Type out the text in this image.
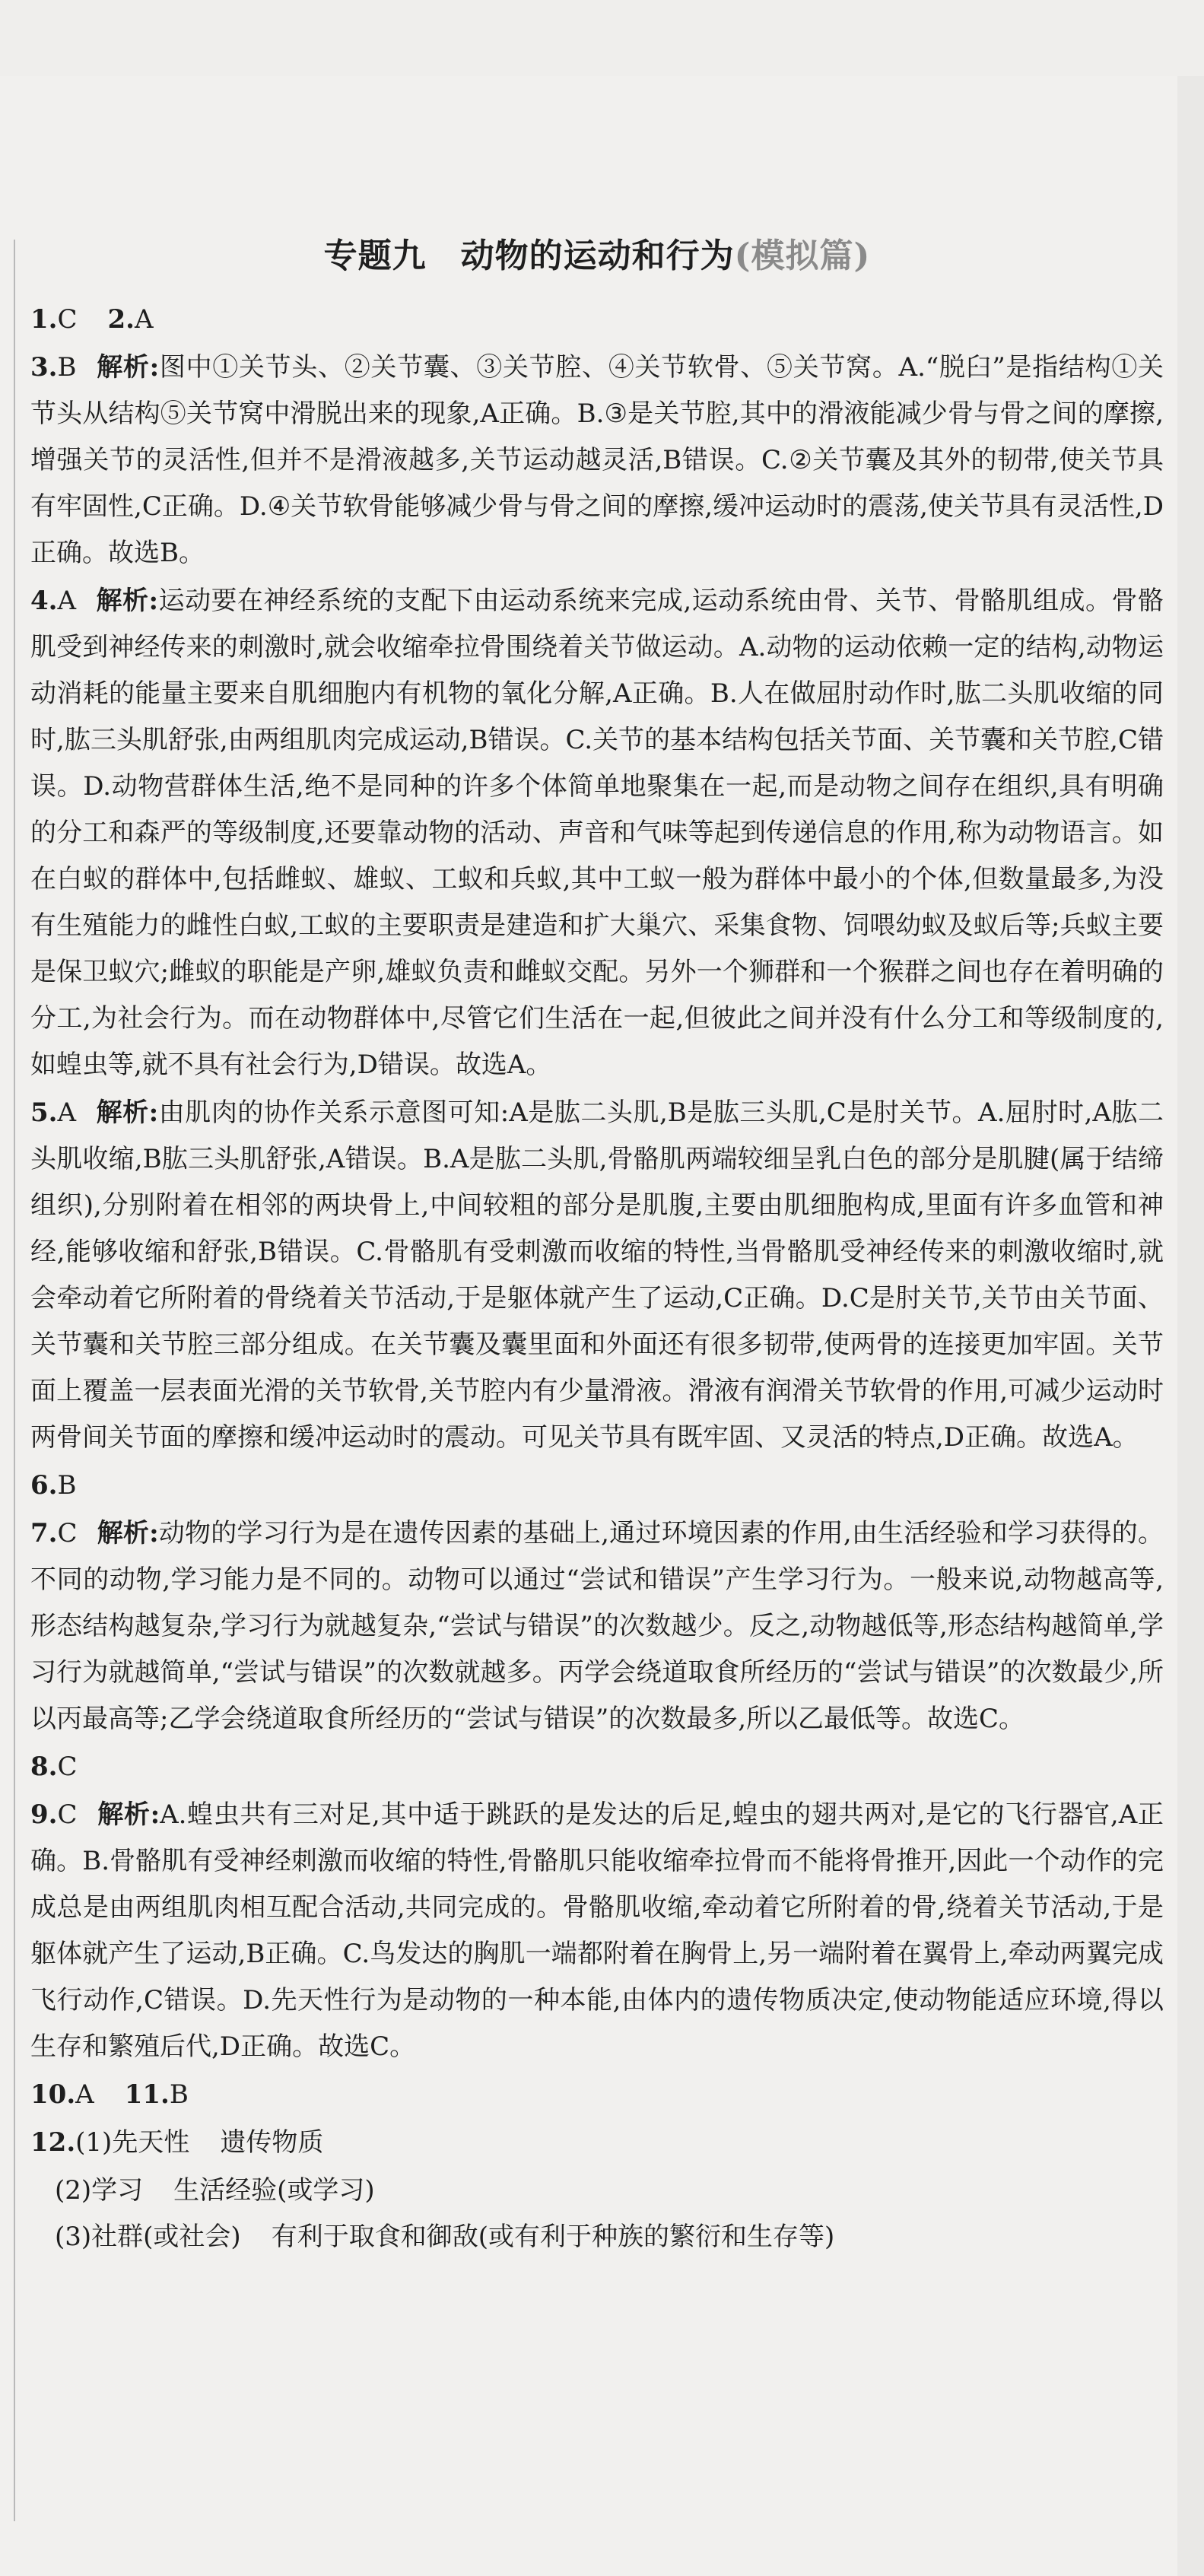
专题九　动物的运动和行为(模拟篇)
1.C 2.A
3.B 解析:图中①关节头、②关节囊、③关节腔、④关节软骨、⑤关节窝。A.“脱臼”是指结构①关节头从结构⑤关节窝中滑脱出来的现象,A正确。B.③是关节腔,其中的滑液能减少骨与骨之间的摩擦,增强关节的灵活性,但并不是滑液越多,关节运动越灵活,B错误。C.②关节囊及其外的韧带,使关节具有牢固性,C正确。D.④关节软骨能够减少骨与骨之间的摩擦,缓冲运动时的震荡,使关节具有灵活性,D正确。故选B。
4.A 解析:运动要在神经系统的支配下由运动系统来完成,运动系统由骨、关节、骨骼肌组成。骨骼肌受到神经传来的刺激时,就会收缩牵拉骨围绕着关节做运动。A.动物的运动依赖一定的结构,动物运动消耗的能量主要来自肌细胞内有机物的氧化分解,A正确。B.人在做屈肘动作时,肱二头肌收缩的同时,肱三头肌舒张,由两组肌肉完成运动,B错误。C.关节的基本结构包括关节面、关节囊和关节腔,C错误。D.动物营群体生活,绝不是同种的许多个体简单地聚集在一起,而是动物之间存在组织,具有明确的分工和森严的等级制度,还要靠动物的活动、声音和气味等起到传递信息的作用,称为动物语言。如在白蚁的群体中,包括雌蚁、雄蚁、工蚁和兵蚁,其中工蚁一般为群体中最小的个体,但数量最多,为没有生殖能力的雌性白蚁,工蚁的主要职责是建造和扩大巢穴、采集食物、饲喂幼蚁及蚁后等;兵蚁主要是保卫蚁穴;雌蚁的职能是产卵,雄蚁负责和雌蚁交配。另外一个狮群和一个猴群之间也存在着明确的分工,为社会行为。而在动物群体中,尽管它们生活在一起,但彼此之间并没有什么分工和等级制度的,如蝗虫等,就不具有社会行为,D错误。故选A。
5.A 解析:由肌肉的协作关系示意图可知:A是肱二头肌,B是肱三头肌,C是肘关节。A.屈肘时,A肱二头肌收缩,B肱三头肌舒张,A错误。B.A是肱二头肌,骨骼肌两端较细呈乳白色的部分是肌腱(属于结缔组织),分别附着在相邻的两块骨上,中间较粗的部分是肌腹,主要由肌细胞构成,里面有许多血管和神经,能够收缩和舒张,B错误。C.骨骼肌有受刺激而收缩的特性,当骨骼肌受神经传来的刺激收缩时,就会牵动着它所附着的骨绕着关节活动,于是躯体就产生了运动,C正确。D.C是肘关节,关节由关节面、关节囊和关节腔三部分组成。在关节囊及囊里面和外面还有很多韧带,使两骨的连接更加牢固。关节面上覆盖一层表面光滑的关节软骨,关节腔内有少量滑液。滑液有润滑关节软骨的作用,可减少运动时两骨间关节面的摩擦和缓冲运动时的震动。可见关节具有既牢固、又灵活的特点,D正确。故选A。
6.B
7.C 解析:动物的学习行为是在遗传因素的基础上,通过环境因素的作用,由生活经验和学习获得的。不同的动物,学习能力是不同的。动物可以通过“尝试和错误”产生学习行为。一般来说,动物越高等,形态结构越复杂,学习行为就越复杂,“尝试与错误”的次数越少。反之,动物越低等,形态结构越简单,学习行为就越简单,“尝试与错误”的次数就越多。丙学会绕道取食所经历的“尝试与错误”的次数最少,所以丙最高等;乙学会绕道取食所经历的“尝试与错误”的次数最多,所以乙最低等。故选C。
8.C
9.C 解析:A.蝗虫共有三对足,其中适于跳跃的是发达的后足,蝗虫的翅共两对,是它的飞行器官,A正确。B.骨骼肌有受神经刺激而收缩的特性,骨骼肌只能收缩牵拉骨而不能将骨推开,因此一个动作的完成总是由两组肌肉相互配合活动,共同完成的。骨骼肌收缩,牵动着它所附着的骨,绕着关节活动,于是躯体就产生了运动,B正确。C.鸟发达的胸肌一端都附着在胸骨上,另一端附着在翼骨上,牵动两翼完成飞行动作,C错误。D.先天性行为是动物的一种本能,由体内的遗传物质决定,使动物能适应环境,得以生存和繁殖后代,D正确。故选C。
10.A 11.B
12.(1)先天性 遗传物质
(2)学习 生活经验(或学习)
(3)社群(或社会) 有利于取食和御敌(或有利于种族的繁衍和生存等)
